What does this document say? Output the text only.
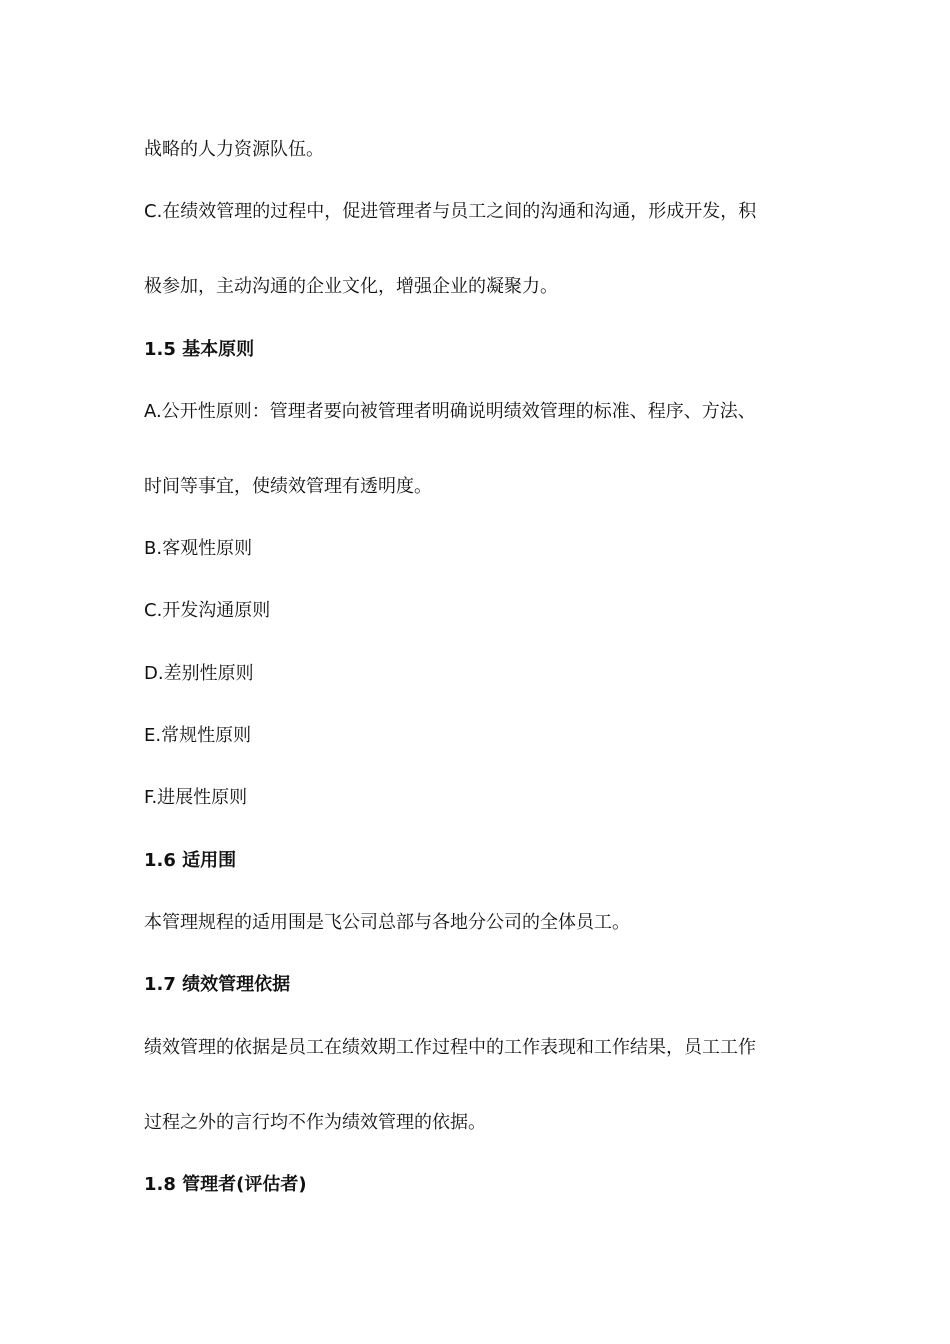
战略的人力资源队伍。
C.在绩效管理的过程中，促进管理者与员工之间的沟通和沟通，形成开发，积
极参加，主动沟通的企业文化，增强企业的凝聚力。
1.5 基本原则
A.公开性原则：管理者要向被管理者明确说明绩效管理的标准、程序、方法、
时间等事宜，使绩效管理有透明度。
B.客观性原则
C.开发沟通原则
D.差别性原则
E.常规性原则
F.进展性原则
1.6 适用围
本管理规程的适用围是飞公司总部与各地分公司的全体员工。
1.7 绩效管理依据
绩效管理的依据是员工在绩效期工作过程中的工作表现和工作结果，员工工作
过程之外的言行均不作为绩效管理的依据。
1.8 管理者(评估者)
